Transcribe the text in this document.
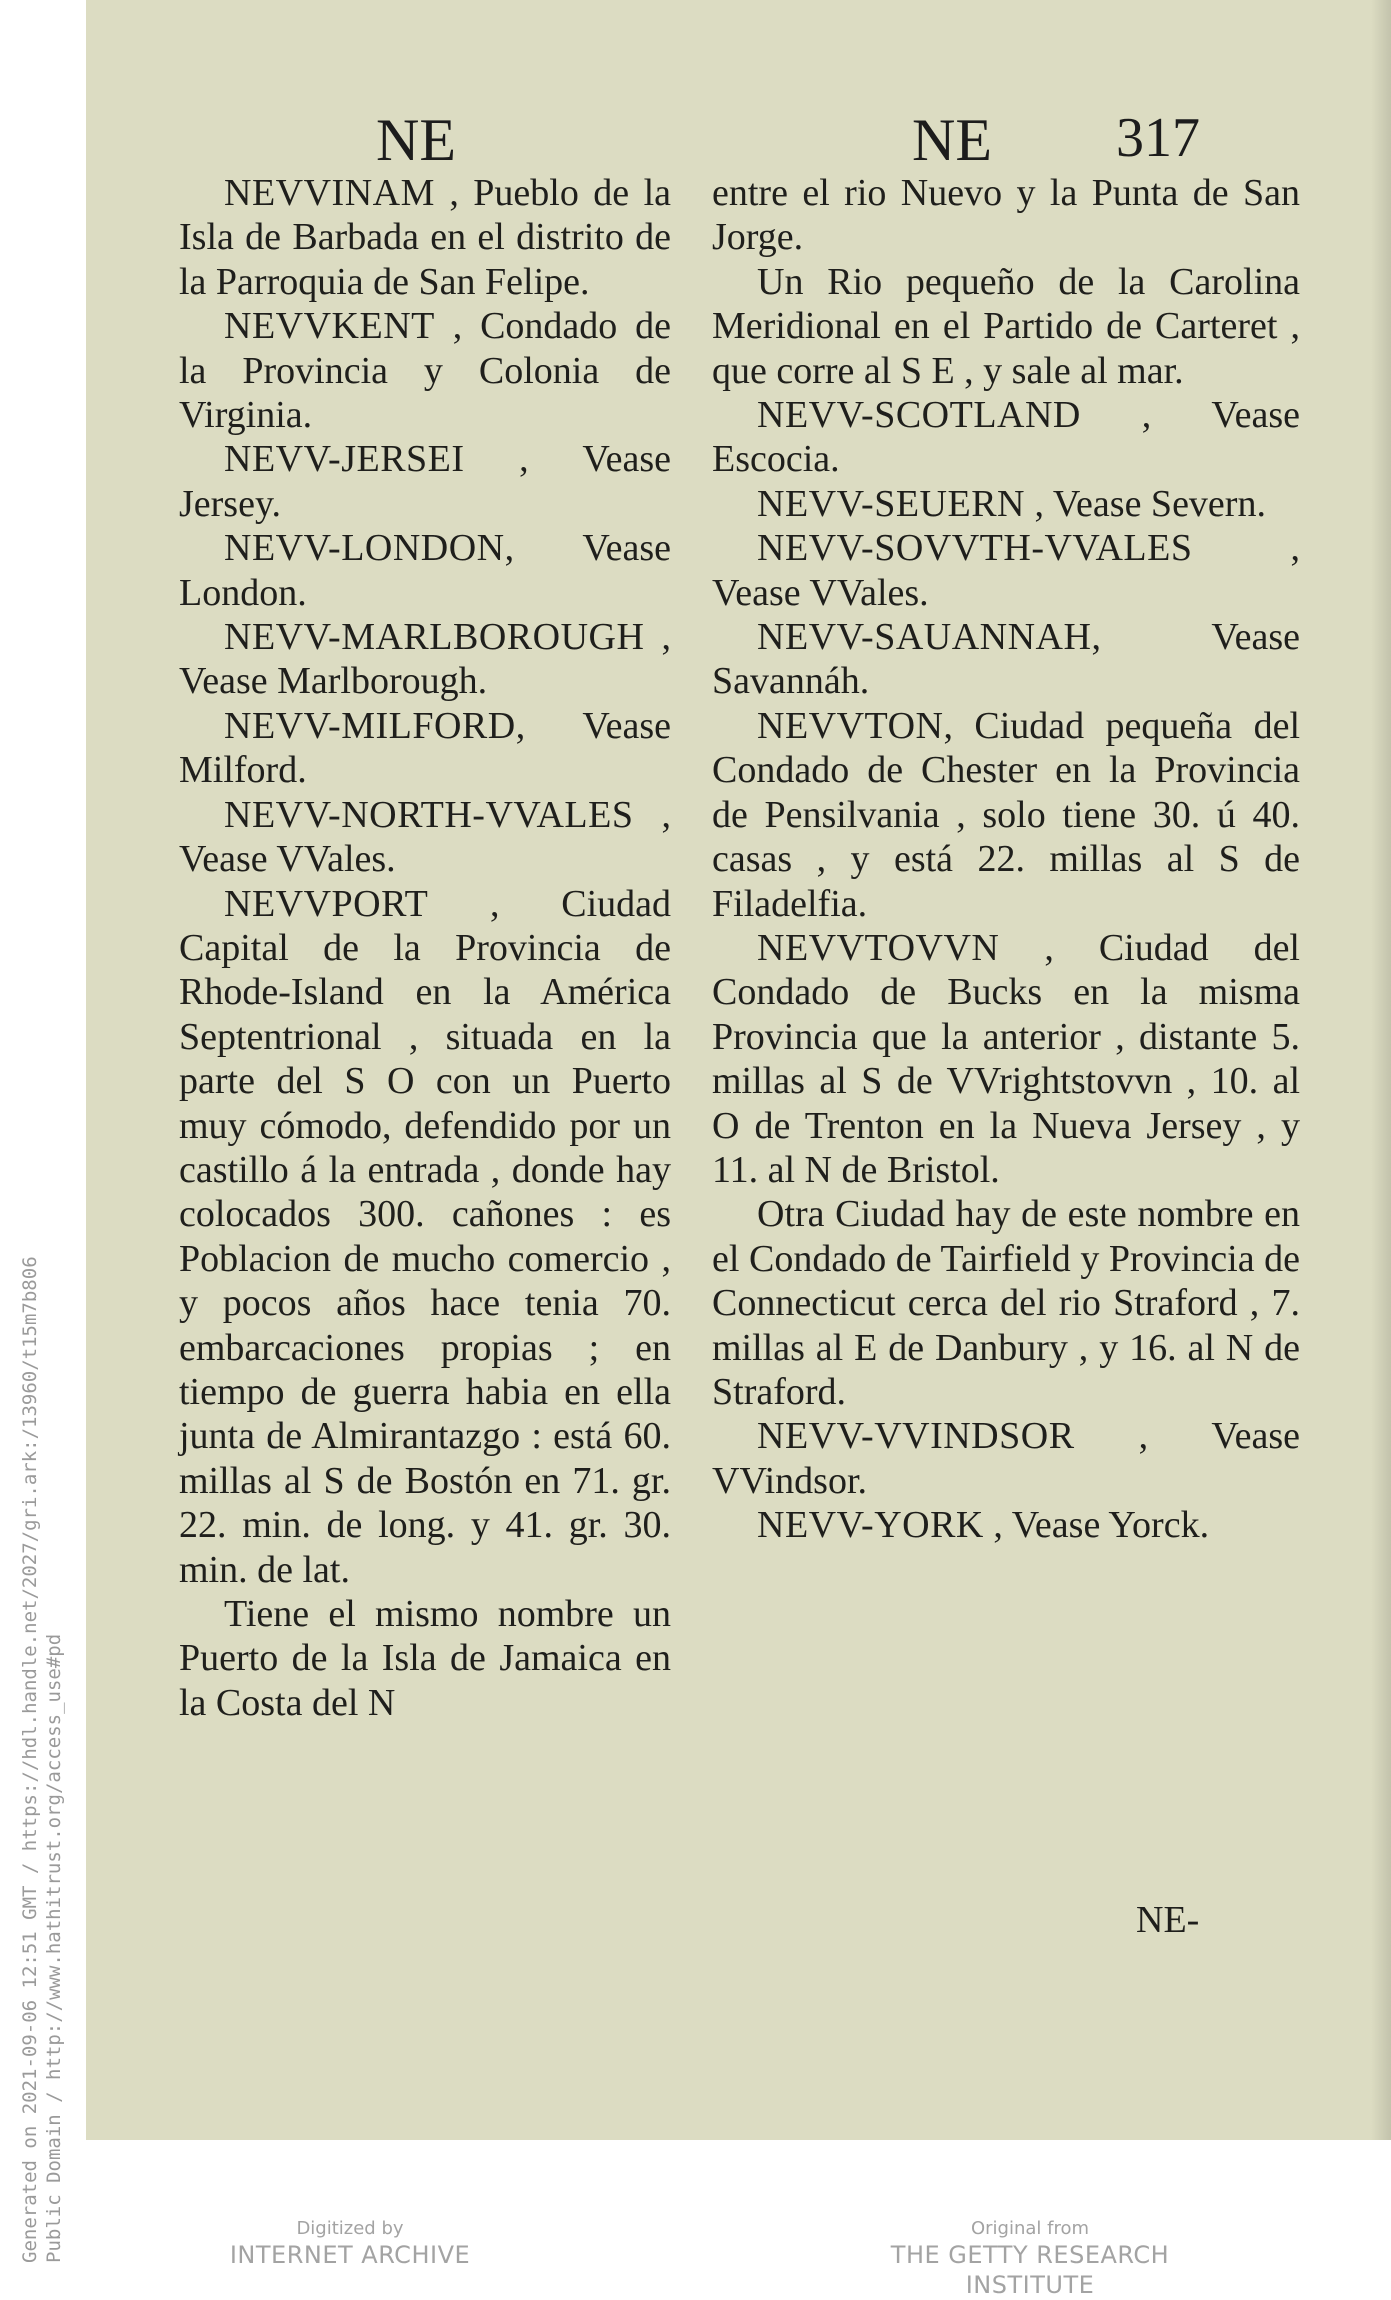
Generated on 2021-09-06 12:51 GMT / https://hdl.handle.net/2027/gri.ark:/13960/t15m7b806 Public Domain / http://www.hathitrust.org/access_use#pd
NE	NE 317

NEVVINAM , Pueblo de la Isla de Barbada en el distrito de la Parroquia de San Felipe.

NEVVKENT , Condado de la Provincia y Colonia de Virginia.

NEVV-JERSEI , Vease Jersey.

NEVV-LONDON, Vease London.

NEVV-MARLBOROUGH , Vease Marlborough.

NEVV-MILFORD, Vease Milford.

NEVV-NORTH-VVALES , Vease VVales.

NEVVPORT , Ciudad Capital de la Provincia de Rhode-Island en la América Septentrional , situada en la parte del S O con un Puerto muy cómodo, defendido por un castillo á la entrada , donde hay colocados 300. cañones : es Poblacion de mucho comercio , y pocos años hace tenia 70. embarcaciones propias ; en tiempo de guerra habia en ella junta de Almirantazgo : está 60. millas al S de Bostón en 71. gr. 22. min. de long. y 41. gr. 30. min. de lat.

Tiene el mismo nombre un Puerto de la Isla de Jamaica en la Costa del N

entre el rio Nuevo y la Punta de San Jorge.

Un Rio pequeño de la Carolina Meridional en el Partido de Carteret , que corre al S E , y sale al mar.

NEVV-SCOTLAND , Vease Escocia.

NEVV-SEUERN , Vease Severn.

NEVV-SOVVTH-VVALES , Vease VVales.

NEVV-SAUANNAH, Vease Savannáh.

NEVVTON, Ciudad pequeña del Condado de Chester en la Provincia de Pensilvania , solo tiene 30. ú 40. casas , y está 22. millas al S de Filadelfia.

NEVVTOVVN , Ciudad del Condado de Bucks en la misma Provincia que la anterior , distante 5. millas al S de VVrightstovvn , 10. al O de Trenton en la Nueva Jersey , y 11. al N de Bristol.

Otra Ciudad hay de este nombre en el Condado de Tairfield y Provincia de Connecticut cerca del rio Straford , 7. millas al E de Danbury , y 16. al N de Straford.

NEVV-VVINDSOR , Vease VVindsor.

NEVV-YORK , Vease Yorck.

NE-
Digitized by
INTERNET ARCHIVE
Original from
THE GETTY RESEARCH INSTITUTE
